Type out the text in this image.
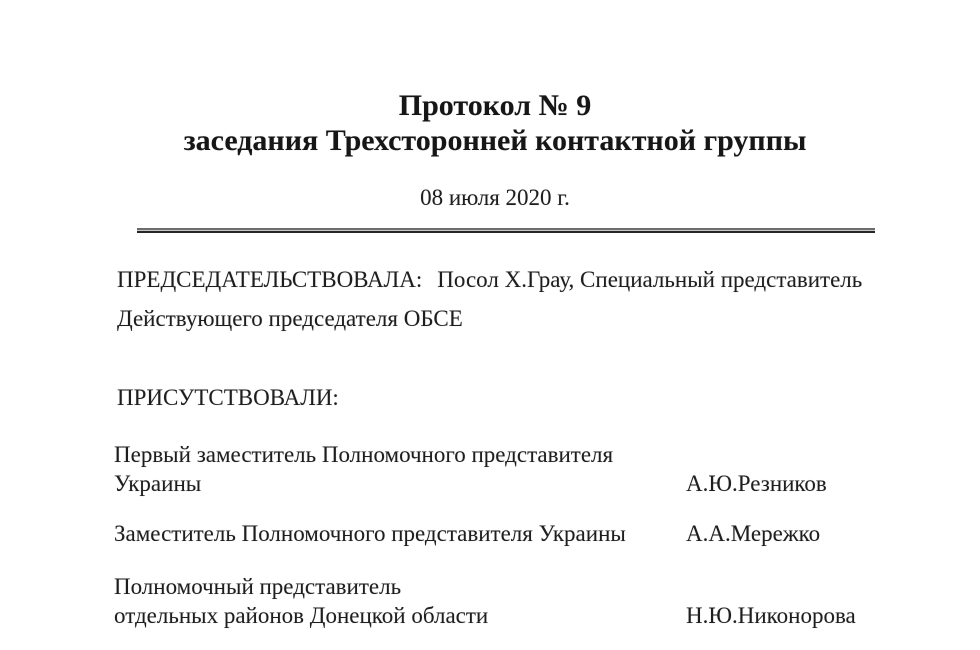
Протокол № 9
заседания Трехсторонней контактной группы
08 июля 2020 г.
ПРЕДСЕДАТЕЛЬСТВОВАЛА: Посол Х.Грау, Специальный представитель
Действующего председателя ОБСЕ
ПРИСУТСТВОВАЛИ:
Первый заместитель Полномочного представителя
Украины	А.Ю.Резников
Заместитель Полномочного представителя Украины	А.А.Мережко
Полномочный представитель
отдельных районов Донецкой области	Н.Ю.Никонорова
